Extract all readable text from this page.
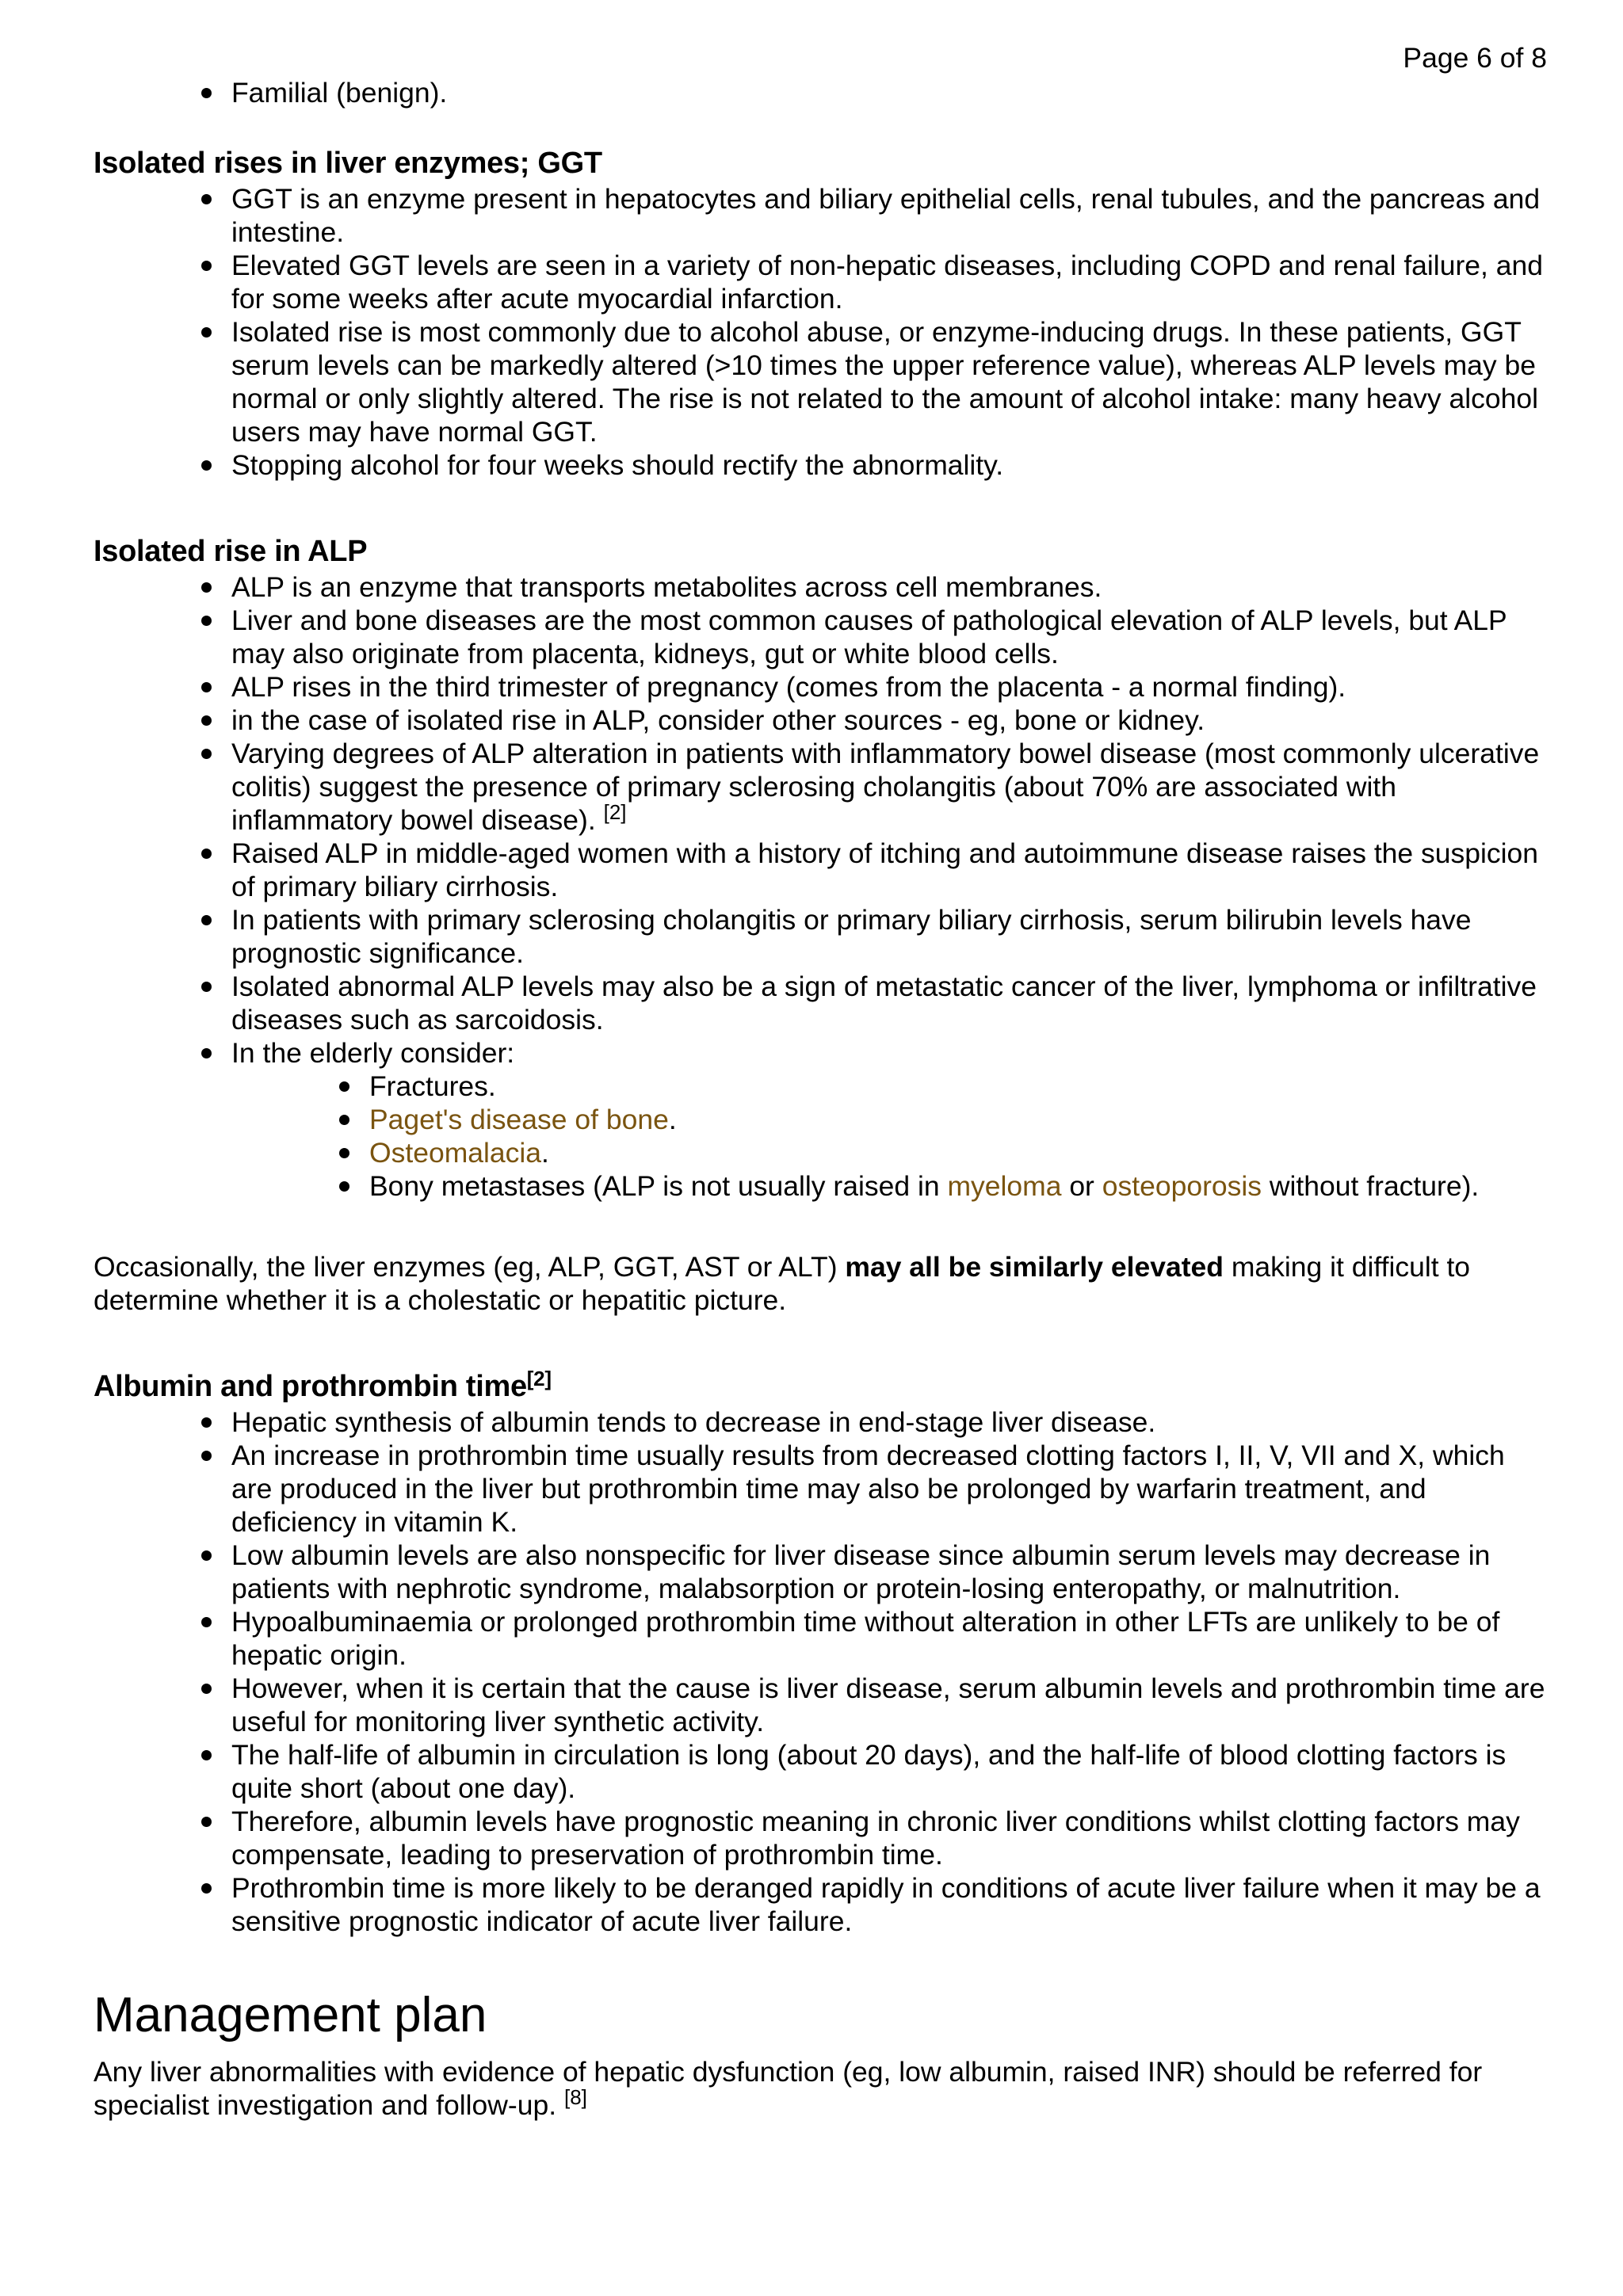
Page 6 of 8
Familial (benign).
Isolated rises in liver enzymes; GGT
GGT is an enzyme present in hepatocytes and biliary epithelial cells, renal tubules, and the pancreas and intestine.
Elevated GGT levels are seen in a variety of non-hepatic diseases, including COPD and renal failure, and for some weeks after acute myocardial infarction.
Isolated rise is most commonly due to alcohol abuse, or enzyme-inducing drugs. In these patients, GGT serum levels can be markedly altered (>10 times the upper reference value), whereas ALP levels may be normal or only slightly altered. The rise is not related to the amount of alcohol intake: many heavy alcohol users may have normal GGT.
Stopping alcohol for four weeks should rectify the abnormality.
Isolated rise in ALP
ALP is an enzyme that transports metabolites across cell membranes.
Liver and bone diseases are the most common causes of pathological elevation of ALP levels, but ALP may also originate from placenta, kidneys, gut or white blood cells.
ALP rises in the third trimester of pregnancy (comes from the placenta - a normal finding).
in the case of isolated rise in ALP, consider other sources - eg, bone or kidney.
Varying degrees of ALP alteration in patients with inflammatory bowel disease (most commonly ulcerative colitis) suggest the presence of primary sclerosing cholangitis (about 70% are associated with inflammatory bowel disease). [2]
Raised ALP in middle-aged women with a history of itching and autoimmune disease raises the suspicion of primary biliary cirrhosis.
In patients with primary sclerosing cholangitis or primary biliary cirrhosis, serum bilirubin levels have prognostic significance.
Isolated abnormal ALP levels may also be a sign of metastatic cancer of the liver, lymphoma or infiltrative diseases such as sarcoidosis.
In the elderly consider:
Fractures.
Paget's disease of bone.
Osteomalacia.
Bony metastases (ALP is not usually raised in myeloma or osteoporosis without fracture).

Occasionally, the liver enzymes (eg, ALP, GGT, AST or ALT) may all be similarly elevated making it difficult to determine whether it is a cholestatic or hepatitic picture.

Albumin and prothrombin time[2]
Hepatic synthesis of albumin tends to decrease in end-stage liver disease.
An increase in prothrombin time usually results from decreased clotting factors I, II, V, VII and X, which are produced in the liver but prothrombin time may also be prolonged by warfarin treatment, and deficiency in vitamin K.
Low albumin levels are also nonspecific for liver disease since albumin serum levels may decrease in patients with nephrotic syndrome, malabsorption or protein-losing enteropathy, or malnutrition.
Hypoalbuminaemia or prolonged prothrombin time without alteration in other LFTs are unlikely to be of hepatic origin.
However, when it is certain that the cause is liver disease, serum albumin levels and prothrombin time are useful for monitoring liver synthetic activity.
The half-life of albumin in circulation is long (about 20 days), and the half-life of blood clotting factors is quite short (about one day).
Therefore, albumin levels have prognostic meaning in chronic liver conditions whilst clotting factors may compensate, leading to preservation of prothrombin time.
Prothrombin time is more likely to be deranged rapidly in conditions of acute liver failure when it may be a sensitive prognostic indicator of acute liver failure.
Management plan

Any liver abnormalities with evidence of hepatic dysfunction (eg, low albumin, raised INR) should be referred for specialist investigation and follow-up. [8]
